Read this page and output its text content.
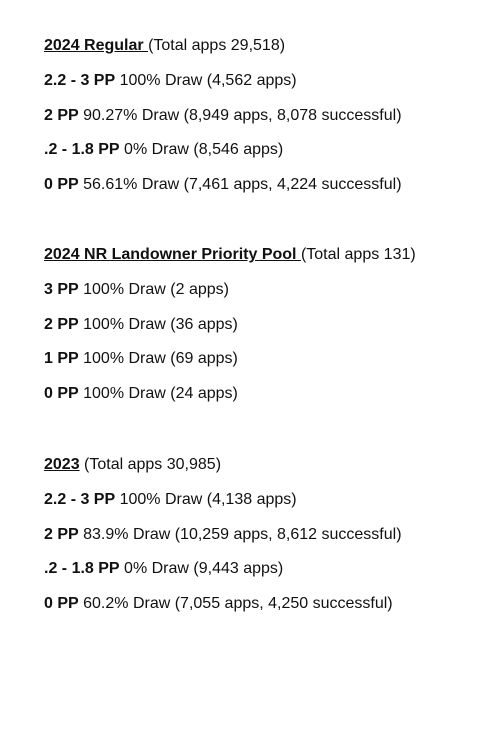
2024 Regular (Total apps 29,518)
2.2 - 3 PP 100% Draw (4,562 apps)
2 PP 90.27% Draw (8,949 apps, 8,078 successful)
.2 - 1.8 PP 0% Draw (8,546 apps)
0 PP 56.61% Draw (7,461 apps, 4,224 successful)
2024 NR Landowner Priority Pool (Total apps 131)
3 PP 100% Draw (2 apps)
2 PP 100% Draw (36 apps)
1 PP 100% Draw (69 apps)
0 PP 100% Draw (24 apps)
2023 (Total apps 30,985)
2.2 - 3 PP 100% Draw (4,138 apps)
2 PP 83.9% Draw (10,259 apps, 8,612 successful)
.2 - 1.8 PP 0% Draw (9,443 apps)
0 PP 60.2% Draw (7,055 apps, 4,250 successful)
